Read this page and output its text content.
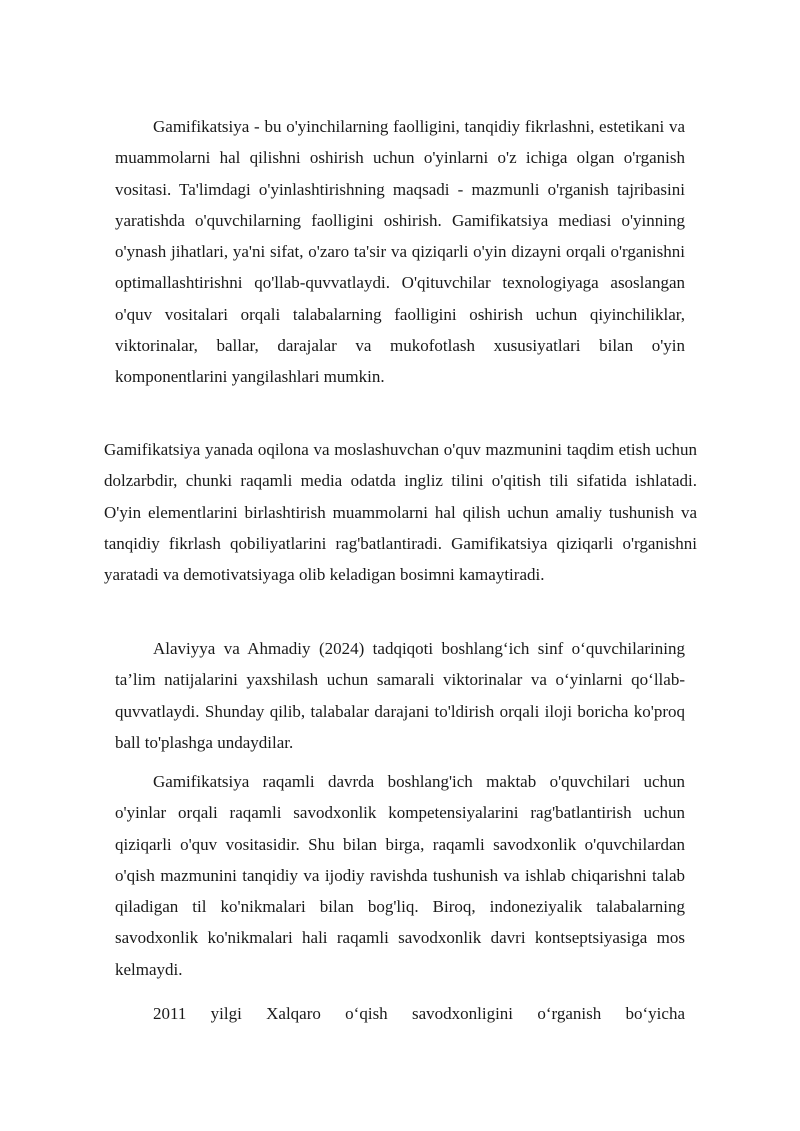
Gamifikatsiya - bu o'yinchilarning faolligini, tanqidiy fikrlashni, estetikani va muammolarni hal qilishni oshirish uchun o'yinlarni o'z ichiga olgan o'rganish vositasi. Ta'limdagi o'yinlashtirishning maqsadi - mazmunli o'rganish tajribasini yaratishda o'quvchilarning faolligini oshirish. Gamifikatsiya mediasi o'yinning o'ynash jihatlari, ya'ni sifat, o'zaro ta'sir va qiziqarli o'yin dizayni orqali o'rganishni optimallashtirishni qo'llab-quvvatlaydi. O'qituvchilar texnologiyaga asoslangan o'quv vositalari orqali talabalarning faolligini oshirish uchun qiyinchiliklar, viktorinalar, ballar, darajalar va mukofotlash xususiyatlari bilan o'yin komponentlarini yangilashlari mumkin.

Gamifikatsiya yanada oqilona va moslashuvchan o'quv mazmunini taqdim etish uchun dolzarbdir, chunki raqamli media odatda ingliz tilini o'qitish tili sifatida ishlatadi. O'yin elementlarini birlashtirish muammolarni hal qilish uchun amaliy tushunish va tanqidiy fikrlash qobiliyatlarini rag'batlantiradi. Gamifikatsiya qiziqarli o'rganishni yaratadi va demotivatsiyaga olib keladigan bosimni kamaytiradi.

Alaviyya va Ahmadiy (2024) tadqiqoti boshlang‘ich sinf o‘quvchilarining ta’lim natijalarini yaxshilash uchun samarali viktorinalar va o‘yinlarni qo‘llab-quvvatlaydi. Shunday qilib, talabalar darajani to'ldirish orqali iloji boricha ko'proq ball to'plashga undaydilar.

Gamifikatsiya raqamli davrda boshlang'ich maktab o'quvchilari uchun o'yinlar orqali raqamli savodxonlik kompetensiyalarini rag'batlantirish uchun qiziqarli o'quv vositasidir. Shu bilan birga, raqamli savodxonlik o'quvchilardan o'qish mazmunini tanqidiy va ijodiy ravishda tushunish va ishlab chiqarishni talab qiladigan til ko'nikmalari bilan bog'liq. Biroq, indoneziyalik talabalarning savodxonlik ko'nikmalari hali raqamli savodxonlik davri kontseptsiyasiga mos kelmaydi.

2011 yilgi Xalqaro o‘qish savodxonligini o‘rganish bo‘yicha
